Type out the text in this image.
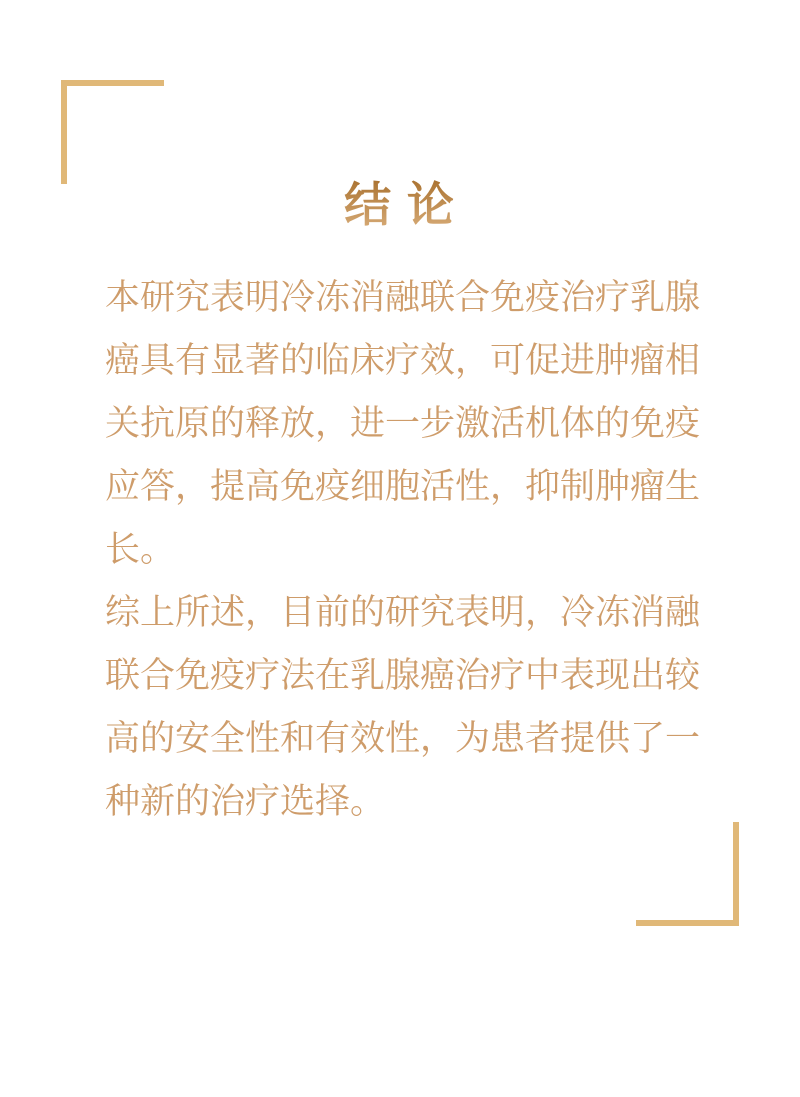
结 论
本研究表明冷冻消融联合免疫治疗乳腺
癌具有显著的临床疗效，可促进肿瘤相
关抗原的释放，进一步激活机体的免疫
应答，提高免疫细胞活性，抑制肿瘤生
长。
综上所述，目前的研究表明，冷冻消融
联合免疫疗法在乳腺癌治疗中表现出较
高的安全性和有效性，为患者提供了一
种新的治疗选择。
